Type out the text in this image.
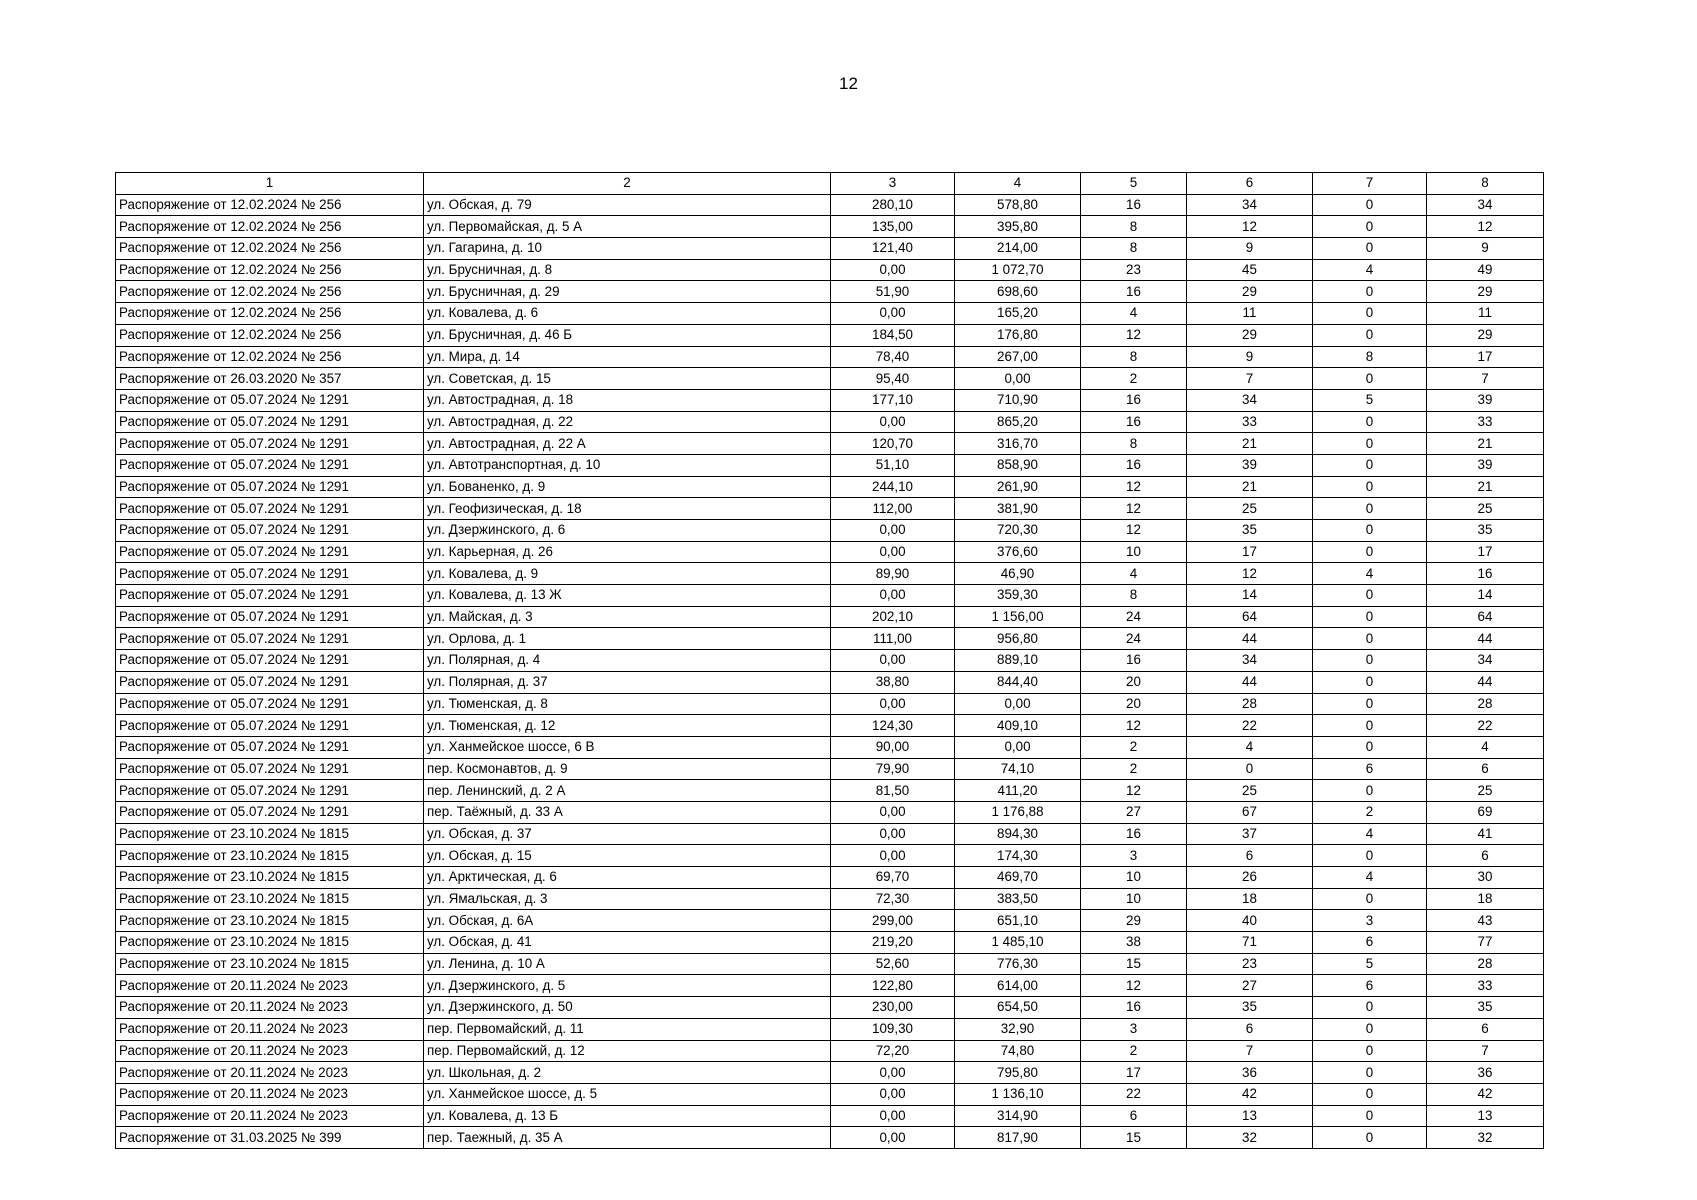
12
1	2	3	4	5	6	7	8
Распоряжение от 12.02.2024 № 256	ул. Обская, д. 79	280,10	578,80	16	34	0	34
Распоряжение от 12.02.2024 № 256	ул. Первомайская, д. 5 А	135,00	395,80	8	12	0	12
Распоряжение от 12.02.2024 № 256	ул. Гагарина, д. 10	121,40	214,00	8	9	0	9
Распоряжение от 12.02.2024 № 256	ул. Брусничная, д. 8	0,00	1 072,70	23	45	4	49
Распоряжение от 12.02.2024 № 256	ул. Брусничная, д. 29	51,90	698,60	16	29	0	29
Распоряжение от 12.02.2024 № 256	ул. Ковалева, д. 6	0,00	165,20	4	11	0	11
Распоряжение от 12.02.2024 № 256	ул. Брусничная, д. 46 Б	184,50	176,80	12	29	0	29
Распоряжение от 12.02.2024 № 256	ул. Мира, д. 14	78,40	267,00	8	9	8	17
Распоряжение от 26.03.2020 № 357	ул. Советская, д. 15	95,40	0,00	2	7	0	7
Распоряжение от 05.07.2024 № 1291	ул. Автострадная, д. 18	177,10	710,90	16	34	5	39
Распоряжение от 05.07.2024 № 1291	ул. Автострадная, д. 22	0,00	865,20	16	33	0	33
Распоряжение от 05.07.2024 № 1291	ул. Автострадная, д. 22 А	120,70	316,70	8	21	0	21
Распоряжение от 05.07.2024 № 1291	ул. Автотранспортная, д. 10	51,10	858,90	16	39	0	39
Распоряжение от 05.07.2024 № 1291	ул. Бованенко, д. 9	244,10	261,90	12	21	0	21
Распоряжение от 05.07.2024 № 1291	ул. Геофизическая, д. 18	112,00	381,90	12	25	0	25
Распоряжение от 05.07.2024 № 1291	ул. Дзержинского, д. 6	0,00	720,30	12	35	0	35
Распоряжение от 05.07.2024 № 1291	ул. Карьерная, д. 26	0,00	376,60	10	17	0	17
Распоряжение от 05.07.2024 № 1291	ул. Ковалева, д. 9	89,90	46,90	4	12	4	16
Распоряжение от 05.07.2024 № 1291	ул. Ковалева, д. 13 Ж	0,00	359,30	8	14	0	14
Распоряжение от 05.07.2024 № 1291	ул. Майская, д. 3	202,10	1 156,00	24	64	0	64
Распоряжение от 05.07.2024 № 1291	ул. Орлова, д. 1	111,00	956,80	24	44	0	44
Распоряжение от 05.07.2024 № 1291	ул. Полярная, д. 4	0,00	889,10	16	34	0	34
Распоряжение от 05.07.2024 № 1291	ул. Полярная, д. 37	38,80	844,40	20	44	0	44
Распоряжение от 05.07.2024 № 1291	ул. Тюменская, д. 8	0,00	0,00	20	28	0	28
Распоряжение от 05.07.2024 № 1291	ул. Тюменская, д. 12	124,30	409,10	12	22	0	22
Распоряжение от 05.07.2024 № 1291	ул. Ханмейское шоссе, 6 В	90,00	0,00	2	4	0	4
Распоряжение от 05.07.2024 № 1291	пер. Космонавтов, д. 9	79,90	74,10	2	0	6	6
Распоряжение от 05.07.2024 № 1291	пер. Ленинский, д. 2 А	81,50	411,20	12	25	0	25
Распоряжение от 05.07.2024 № 1291	пер. Таёжный, д. 33 А	0,00	1 176,88	27	67	2	69
Распоряжение от 23.10.2024 № 1815	ул. Обская, д. 37	0,00	894,30	16	37	4	41
Распоряжение от 23.10.2024 № 1815	ул. Обская, д. 15	0,00	174,30	3	6	0	6
Распоряжение от 23.10.2024 № 1815	ул. Арктическая, д. 6	69,70	469,70	10	26	4	30
Распоряжение от 23.10.2024 № 1815	ул. Ямальская, д. 3	72,30	383,50	10	18	0	18
Распоряжение от 23.10.2024 № 1815	ул. Обская, д. 6А	299,00	651,10	29	40	3	43
Распоряжение от 23.10.2024 № 1815	ул. Обская, д. 41	219,20	1 485,10	38	71	6	77
Распоряжение от 23.10.2024 № 1815	ул. Ленина, д. 10 А	52,60	776,30	15	23	5	28
Распоряжение от 20.11.2024 № 2023	ул. Дзержинского, д. 5	122,80	614,00	12	27	6	33
Распоряжение от 20.11.2024 № 2023	ул. Дзержинского, д. 50	230,00	654,50	16	35	0	35
Распоряжение от 20.11.2024 № 2023	пер. Первомайский, д. 11	109,30	32,90	3	6	0	6
Распоряжение от 20.11.2024 № 2023	пер. Первомайский, д. 12	72,20	74,80	2	7	0	7
Распоряжение от 20.11.2024 № 2023	ул. Школьная, д. 2	0,00	795,80	17	36	0	36
Распоряжение от 20.11.2024 № 2023	ул. Ханмейское шоссе, д. 5	0,00	1 136,10	22	42	0	42
Распоряжение от 20.11.2024 № 2023	ул. Ковалева, д. 13 Б	0,00	314,90	6	13	0	13
Распоряжение от 31.03.2025 № 399	пер. Таежный, д. 35 А	0,00	817,90	15	32	0	32
